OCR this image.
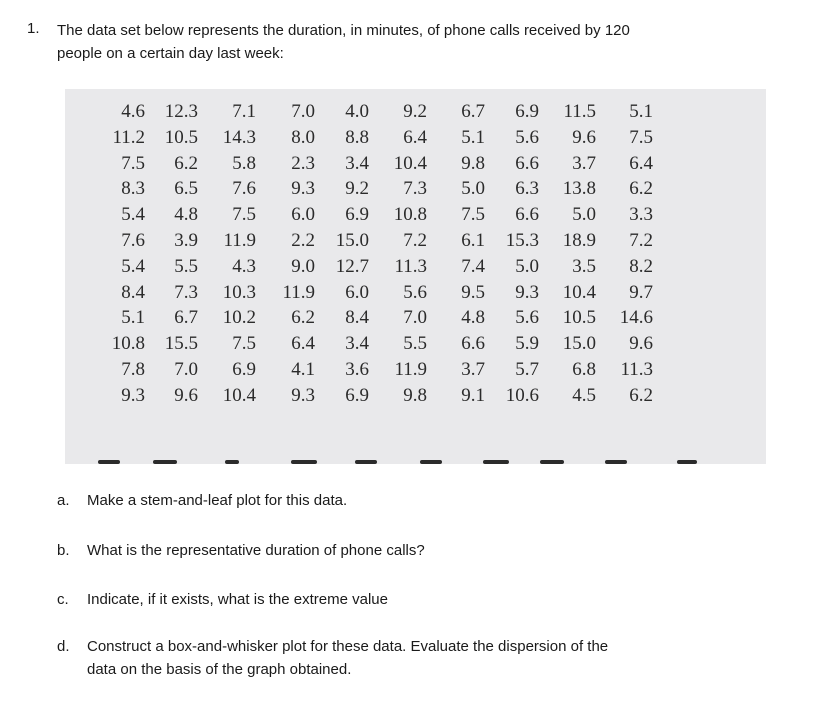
1. The data set below represents the duration, in minutes, of phone calls received by 120
people on a certain day last week:
4.6 12.3 7.1 7.0 4.0 9.2 6.7 6.9 11.5 5.1
11.2 10.5 14.3 8.0 8.8 6.4 5.1 5.6 9.6 7.5
7.5 6.2 5.8 2.3 3.4 10.4 9.8 6.6 3.7 6.4
8.3 6.5 7.6 9.3 9.2 7.3 5.0 6.3 13.8 6.2
5.4 4.8 7.5 6.0 6.9 10.8 7.5 6.6 5.0 3.3
7.6 3.9 11.9 2.2 15.0 7.2 6.1 15.3 18.9 7.2
5.4 5.5 4.3 9.0 12.7 11.3 7.4 5.0 3.5 8.2
8.4 7.3 10.3 11.9 6.0 5.6 9.5 9.3 10.4 9.7
5.1 6.7 10.2 6.2 8.4 7.0 4.8 5.6 10.5 14.6
10.8 15.5 7.5 6.4 3.4 5.5 6.6 5.9 15.0 9.6
7.8 7.0 6.9 4.1 3.6 11.9 3.7 5.7 6.8 11.3
9.3 9.6 10.4 9.3 6.9 9.8 9.1 10.6 4.5 6.2
a. Make a stem-and-leaf plot for this data.
b. What is the representative duration of phone calls?
c. Indicate, if it exists, what is the extreme value
d. Construct a box-and-whisker plot for these data. Evaluate the dispersion of the
data on the basis of the graph obtained.
